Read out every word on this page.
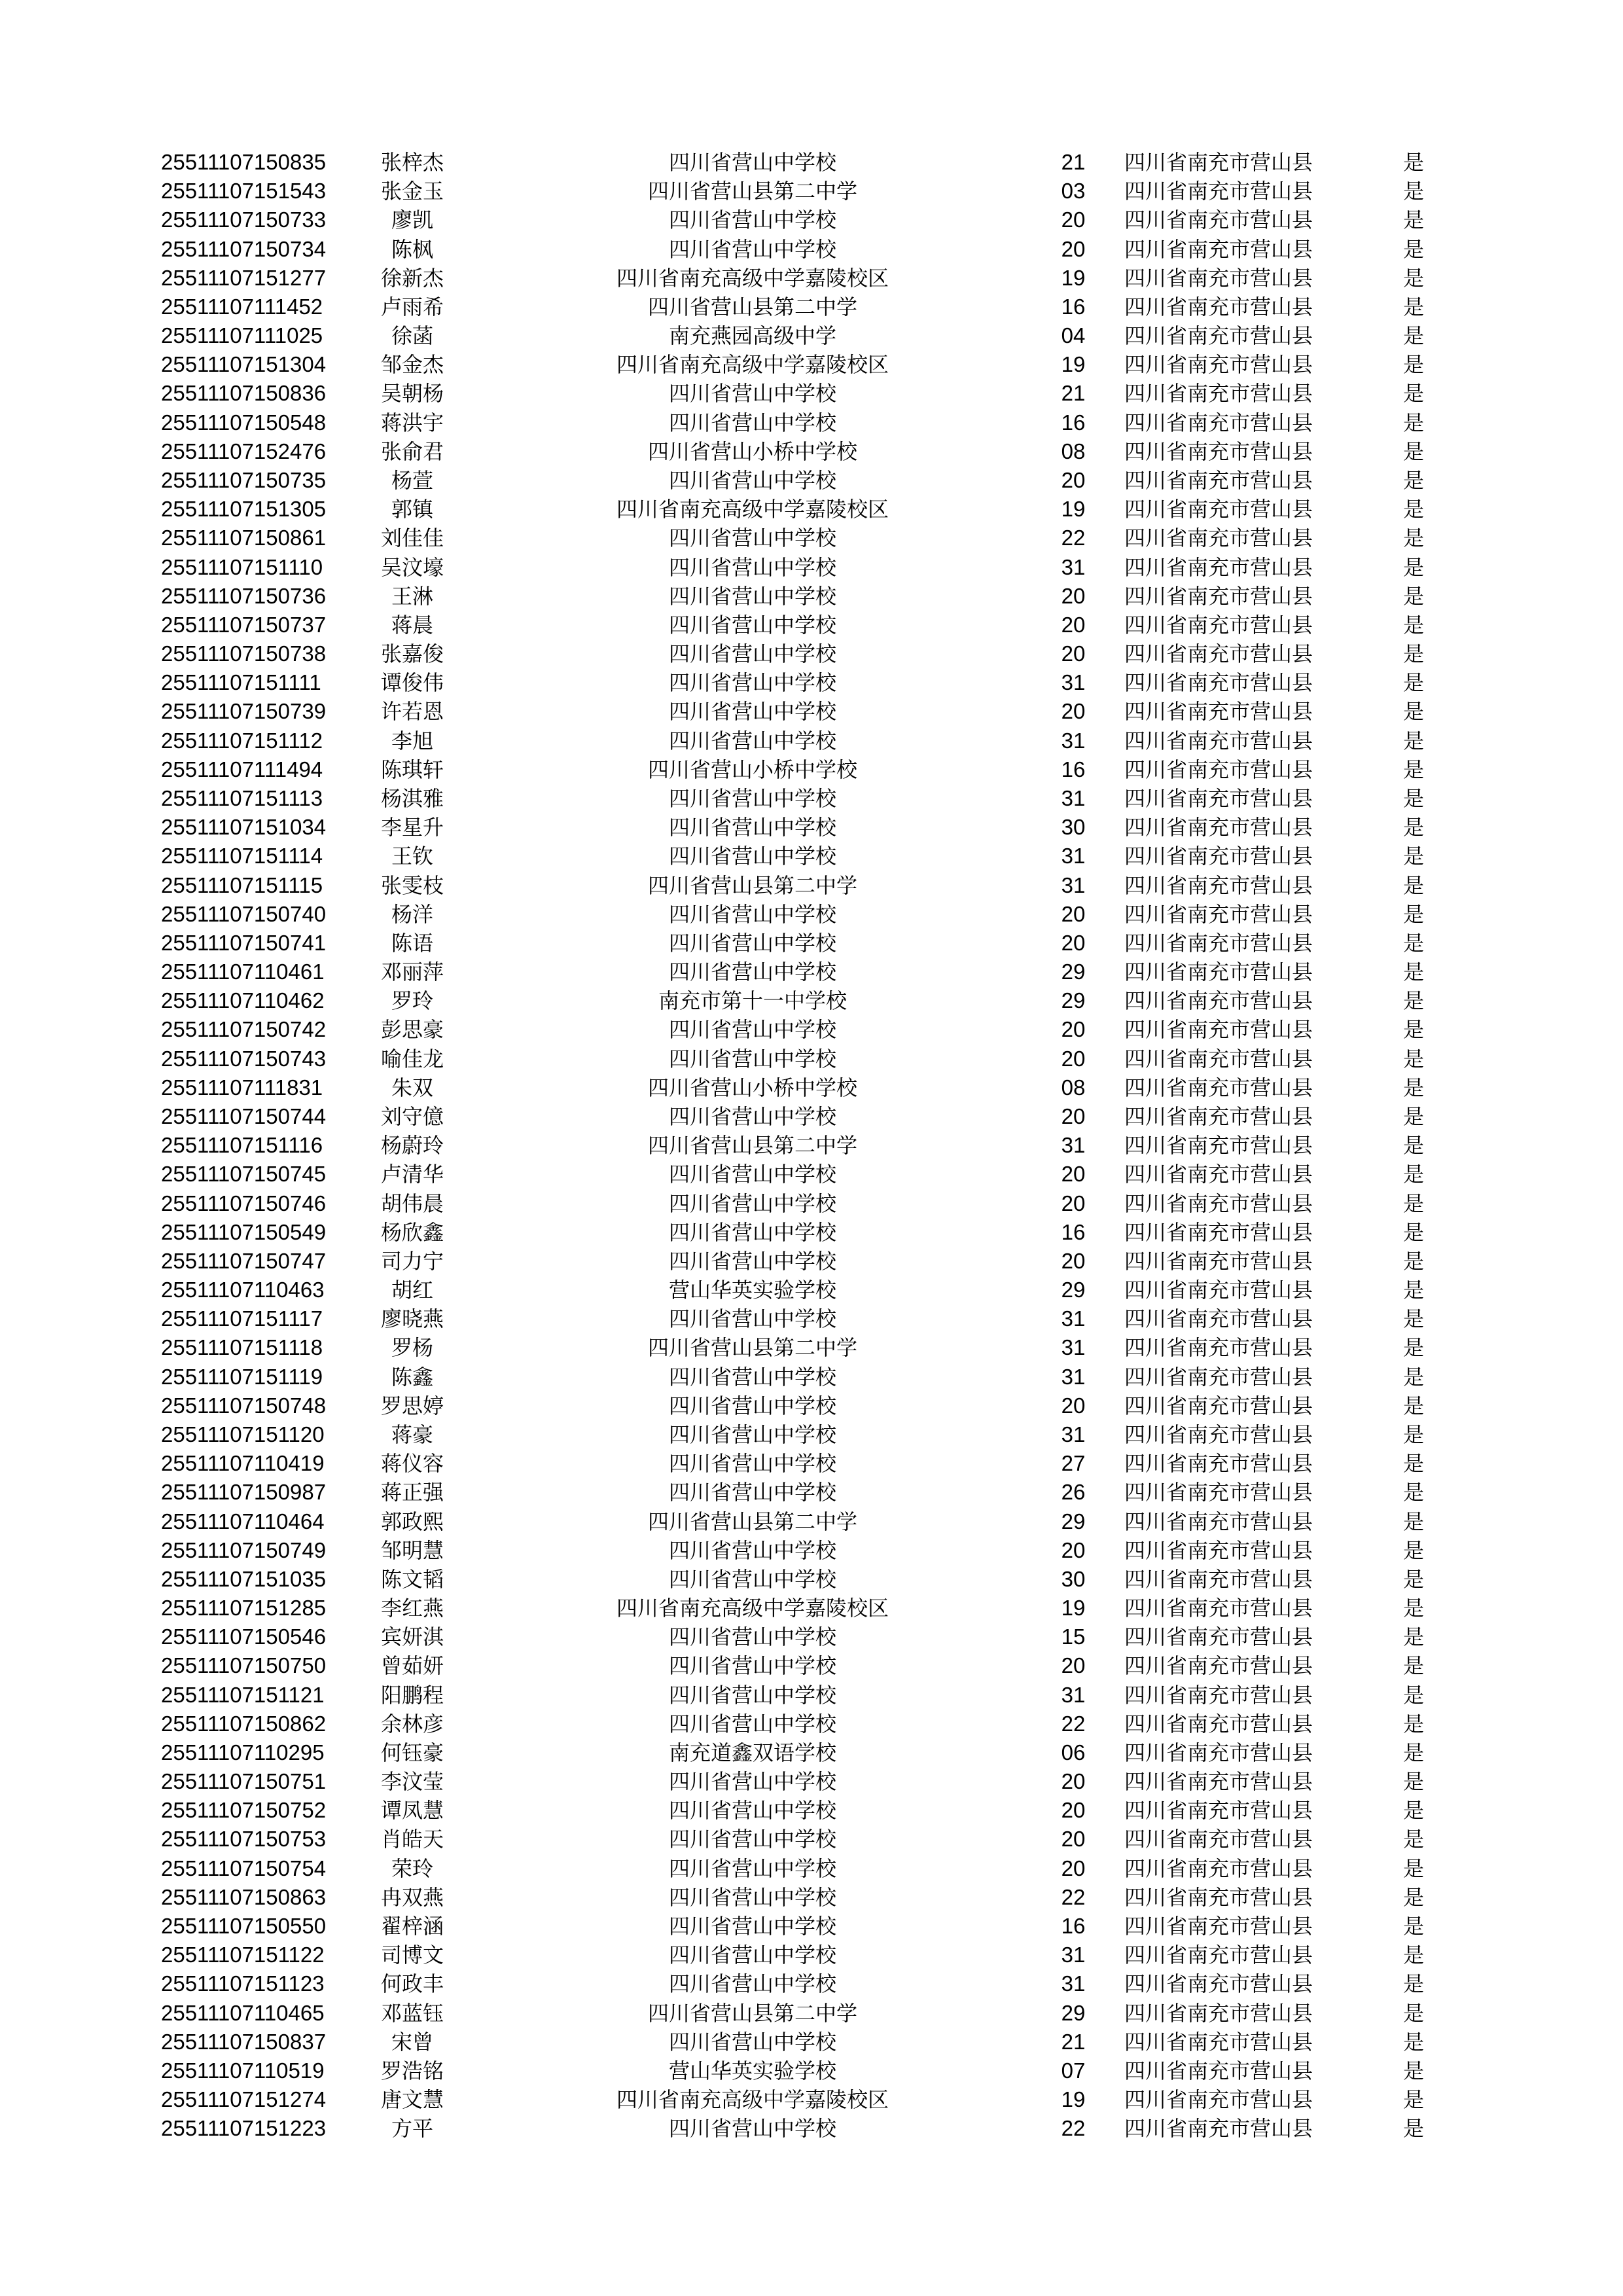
25511107150835	张梓杰	四川省营山中学校	21	四川省南充市营山县	是
25511107151543	张金玉	四川省营山县第二中学	03	四川省南充市营山县	是
25511107150733	廖凯	四川省营山中学校	20	四川省南充市营山县	是
25511107150734	陈枫	四川省营山中学校	20	四川省南充市营山县	是
25511107151277	徐新杰	四川省南充高级中学嘉陵校区	19	四川省南充市营山县	是
25511107111452	卢雨希	四川省营山县第二中学	16	四川省南充市营山县	是
25511107111025	徐菡	南充燕园高级中学	04	四川省南充市营山县	是
25511107151304	邹金杰	四川省南充高级中学嘉陵校区	19	四川省南充市营山县	是
25511107150836	吴朝杨	四川省营山中学校	21	四川省南充市营山县	是
25511107150548	蒋洪宇	四川省营山中学校	16	四川省南充市营山县	是
25511107152476	张俞君	四川省营山小桥中学校	08	四川省南充市营山县	是
25511107150735	杨萱	四川省营山中学校	20	四川省南充市营山县	是
25511107151305	郭镇	四川省南充高级中学嘉陵校区	19	四川省南充市营山县	是
25511107150861	刘佳佳	四川省营山中学校	22	四川省南充市营山县	是
25511107151110	吴汶壕	四川省营山中学校	31	四川省南充市营山县	是
25511107150736	王淋	四川省营山中学校	20	四川省南充市营山县	是
25511107150737	蒋晨	四川省营山中学校	20	四川省南充市营山县	是
25511107150738	张嘉俊	四川省营山中学校	20	四川省南充市营山县	是
25511107151111	谭俊伟	四川省营山中学校	31	四川省南充市营山县	是
25511107150739	许若恩	四川省营山中学校	20	四川省南充市营山县	是
25511107151112	李旭	四川省营山中学校	31	四川省南充市营山县	是
25511107111494	陈琪轩	四川省营山小桥中学校	16	四川省南充市营山县	是
25511107151113	杨淇雅	四川省营山中学校	31	四川省南充市营山县	是
25511107151034	李星升	四川省营山中学校	30	四川省南充市营山县	是
25511107151114	王钦	四川省营山中学校	31	四川省南充市营山县	是
25511107151115	张雯枝	四川省营山县第二中学	31	四川省南充市营山县	是
25511107150740	杨洋	四川省营山中学校	20	四川省南充市营山县	是
25511107150741	陈语	四川省营山中学校	20	四川省南充市营山县	是
25511107110461	邓丽萍	四川省营山中学校	29	四川省南充市营山县	是
25511107110462	罗玲	南充市第十一中学校	29	四川省南充市营山县	是
25511107150742	彭思豪	四川省营山中学校	20	四川省南充市营山县	是
25511107150743	喻佳龙	四川省营山中学校	20	四川省南充市营山县	是
25511107111831	朱双	四川省营山小桥中学校	08	四川省南充市营山县	是
25511107150744	刘守億	四川省营山中学校	20	四川省南充市营山县	是
25511107151116	杨蔚玲	四川省营山县第二中学	31	四川省南充市营山县	是
25511107150745	卢清华	四川省营山中学校	20	四川省南充市营山县	是
25511107150746	胡伟晨	四川省营山中学校	20	四川省南充市营山县	是
25511107150549	杨欣鑫	四川省营山中学校	16	四川省南充市营山县	是
25511107150747	司力宁	四川省营山中学校	20	四川省南充市营山县	是
25511107110463	胡红	营山华英实验学校	29	四川省南充市营山县	是
25511107151117	廖晓燕	四川省营山中学校	31	四川省南充市营山县	是
25511107151118	罗杨	四川省营山县第二中学	31	四川省南充市营山县	是
25511107151119	陈鑫	四川省营山中学校	31	四川省南充市营山县	是
25511107150748	罗思婷	四川省营山中学校	20	四川省南充市营山县	是
25511107151120	蒋豪	四川省营山中学校	31	四川省南充市营山县	是
25511107110419	蒋仪容	四川省营山中学校	27	四川省南充市营山县	是
25511107150987	蒋正强	四川省营山中学校	26	四川省南充市营山县	是
25511107110464	郭政熙	四川省营山县第二中学	29	四川省南充市营山县	是
25511107150749	邹明慧	四川省营山中学校	20	四川省南充市营山县	是
25511107151035	陈文韬	四川省营山中学校	30	四川省南充市营山县	是
25511107151285	李红燕	四川省南充高级中学嘉陵校区	19	四川省南充市营山县	是
25511107150546	宾妍淇	四川省营山中学校	15	四川省南充市营山县	是
25511107150750	曾茹妍	四川省营山中学校	20	四川省南充市营山县	是
25511107151121	阳鹏程	四川省营山中学校	31	四川省南充市营山县	是
25511107150862	余林彦	四川省营山中学校	22	四川省南充市营山县	是
25511107110295	何钰豪	南充道鑫双语学校	06	四川省南充市营山县	是
25511107150751	李汶莹	四川省营山中学校	20	四川省南充市营山县	是
25511107150752	谭凤慧	四川省营山中学校	20	四川省南充市营山县	是
25511107150753	肖皓天	四川省营山中学校	20	四川省南充市营山县	是
25511107150754	荣玲	四川省营山中学校	20	四川省南充市营山县	是
25511107150863	冉双燕	四川省营山中学校	22	四川省南充市营山县	是
25511107150550	翟梓涵	四川省营山中学校	16	四川省南充市营山县	是
25511107151122	司博文	四川省营山中学校	31	四川省南充市营山县	是
25511107151123	何政丰	四川省营山中学校	31	四川省南充市营山县	是
25511107110465	邓蓝钰	四川省营山县第二中学	29	四川省南充市营山县	是
25511107150837	宋曾	四川省营山中学校	21	四川省南充市营山县	是
25511107110519	罗浩铭	营山华英实验学校	07	四川省南充市营山县	是
25511107151274	唐文慧	四川省南充高级中学嘉陵校区	19	四川省南充市营山县	是
25511107151223	方平	四川省营山中学校	22	四川省南充市营山县	是
